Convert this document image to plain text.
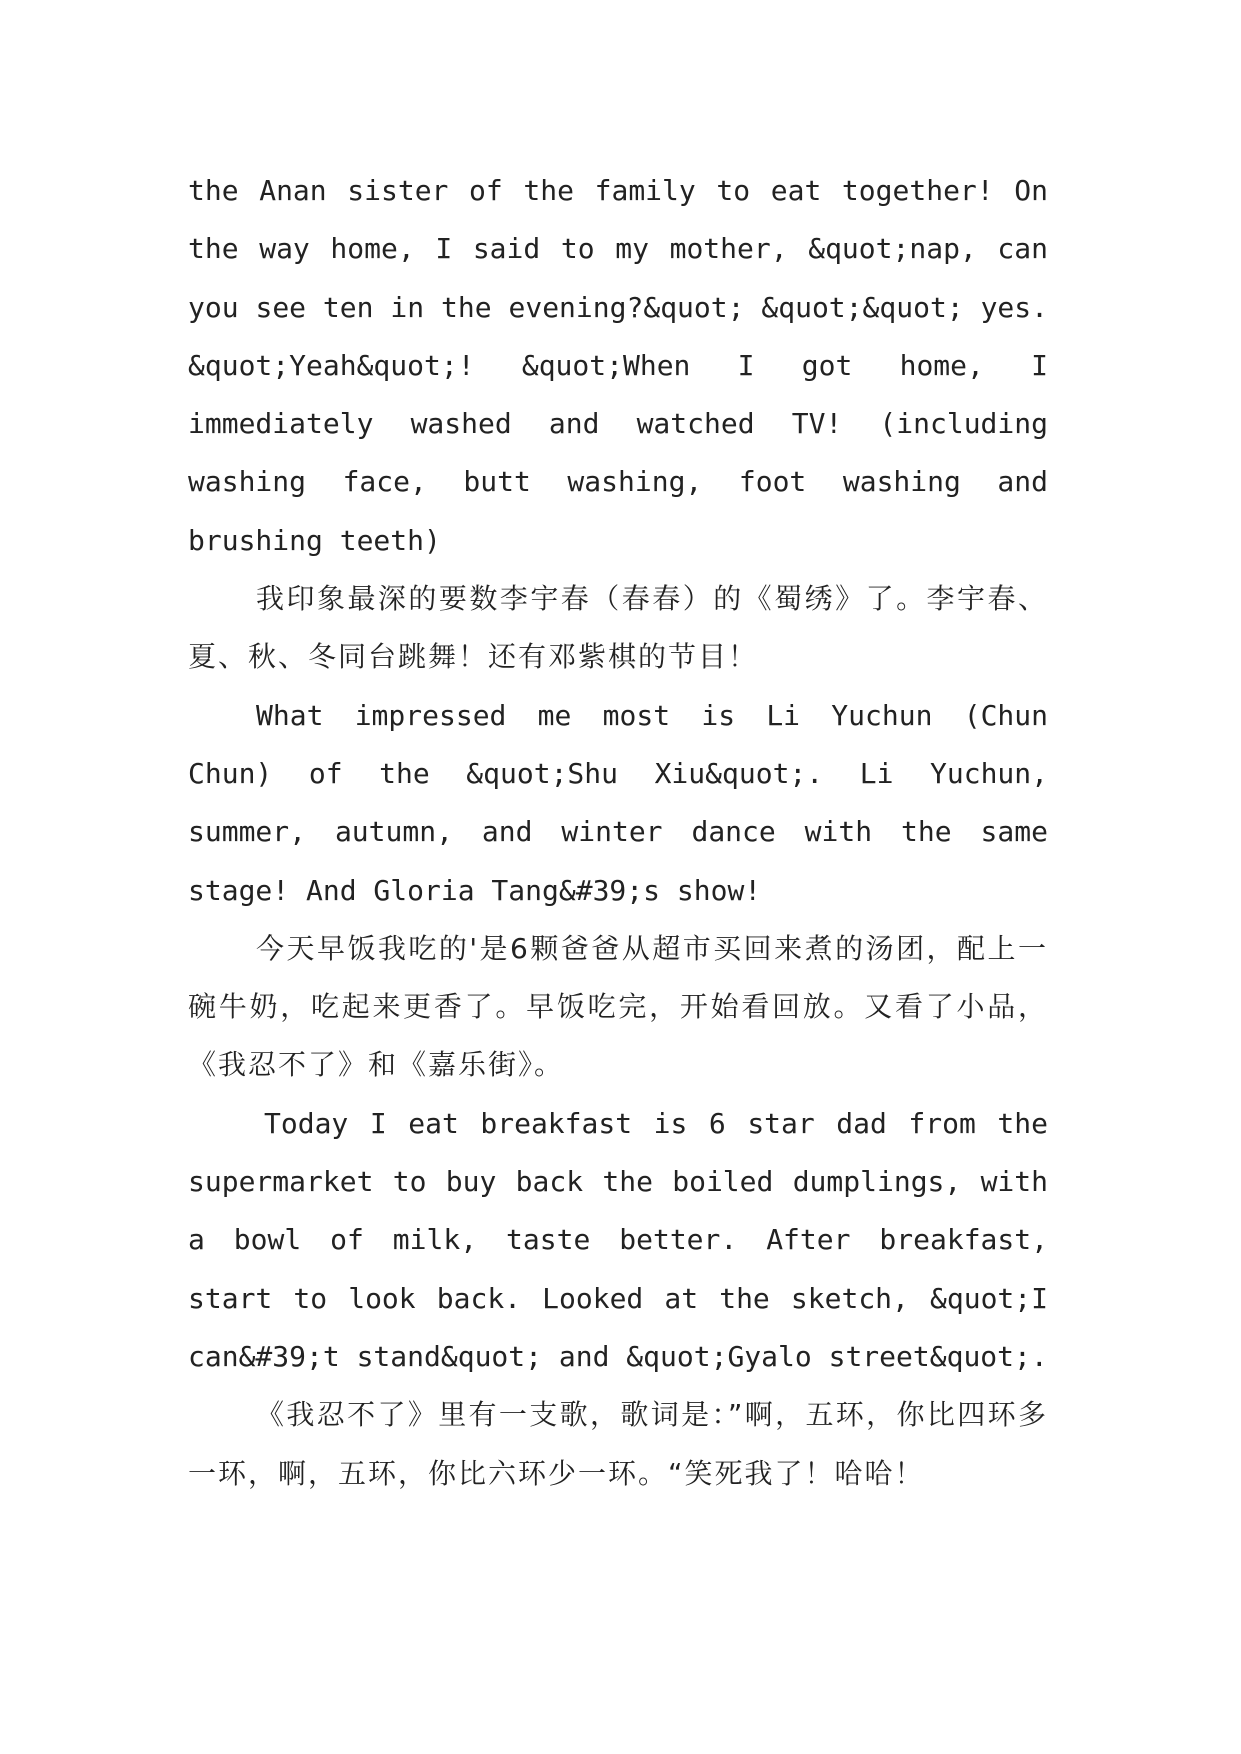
the Anan sister of the family to eat together! On the way home, I said to my mother, &quot;nap, can you see ten in the evening?&quot; &quot;&quot; yes. &quot;Yeah&quot;! &quot;When I got home, I immediately washed and watched TV! (including washing face, butt washing, foot washing and brushing teeth)

我印象最深的要数李宇春（春春）的《蜀绣》了。李宇春、夏、秋、冬同台跳舞！还有邓紫棋的节目！

What impressed me most is Li Yuchun (Chun Chun) of the &quot;Shu Xiu&quot;. Li Yuchun, summer, autumn, and winter dance with the same stage! And Gloria Tang&#39;s show!

今天早饭我吃的'是6颗爸爸从超市买回来煮的汤团，配上一碗牛奶，吃起来更香了。早饭吃完，开始看回放。又看了小品，《我忍不了》和《嘉乐街》。

Today I eat breakfast is 6 star dad from the supermarket to buy back the boiled dumplings, with a bowl of milk, taste better. After breakfast, start to look back. Looked at the sketch, &quot;I can&#39;t stand&quot; and &quot;Gyalo street&quot;.

《我忍不了》里有一支歌，歌词是：”啊，五环，你比四环多一环，啊，五环，你比六环少一环。“笑死我了！哈哈！
